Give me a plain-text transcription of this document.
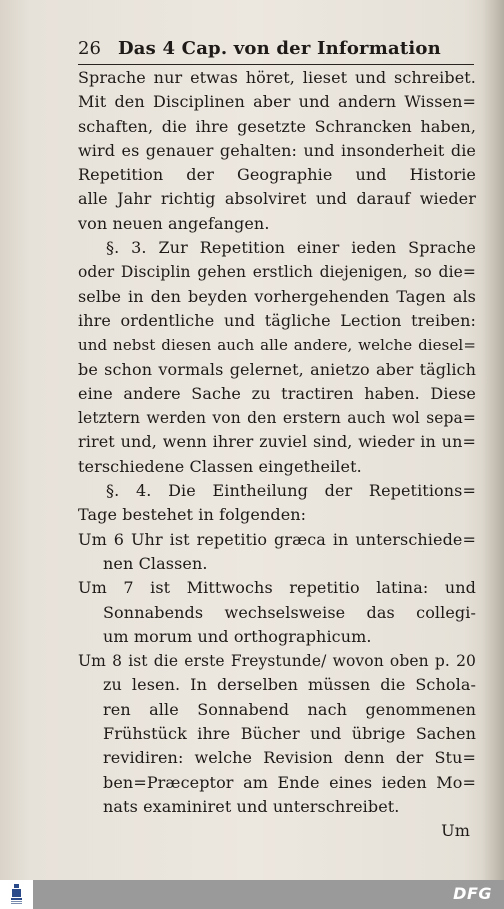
26 Das 4 Cap. von der Information
Sprache nur etwas höret, lieset und schreibet.
Mit den Disciplinen aber und andern Wissen=
schaften, die ihre gesetzte Schrancken haben,
wird es genauer gehalten: und insonderheit die
Repetition der Geographie und Historie
alle Jahr richtig absolviret und darauf wieder
von neuen angefangen.
§. 3. Zur Repetition einer ieden Sprache
oder Disciplin gehen erstlich diejenigen, so die=
selbe in den beyden vorhergehenden Tagen als
ihre ordentliche und tägliche Lection treiben:
und nebst diesen auch alle andere, welche diesel=
be schon vormals gelernet, anietzo aber täglich
eine andere Sache zu tractiren haben. Diese
letztern werden von den erstern auch wol sepa=
riret und, wenn ihrer zuviel sind, wieder in un=
terschiedene Classen eingetheilet.
§. 4. Die Eintheilung der Repetitions=
Tage bestehet in folgenden:
Um 6 Uhr ist repetitio græca in unterschiede=
nen Classen.
Um 7 ist Mittwochs repetitio latina: und
Sonnabends wechselsweise das collegi-
um morum und orthographicum.
Um 8 ist die erste Freystunde/ wovon oben p. 20
zu lesen. In derselben müssen die Schola-
ren alle Sonnabend nach genommenen
Frühstück ihre Bücher und übrige Sachen
revidiren: welche Revision denn der Stu=
ben=Præceptor am Ende eines ieden Mo=
nats examiniret und unterschreibet.
Um
DFG
